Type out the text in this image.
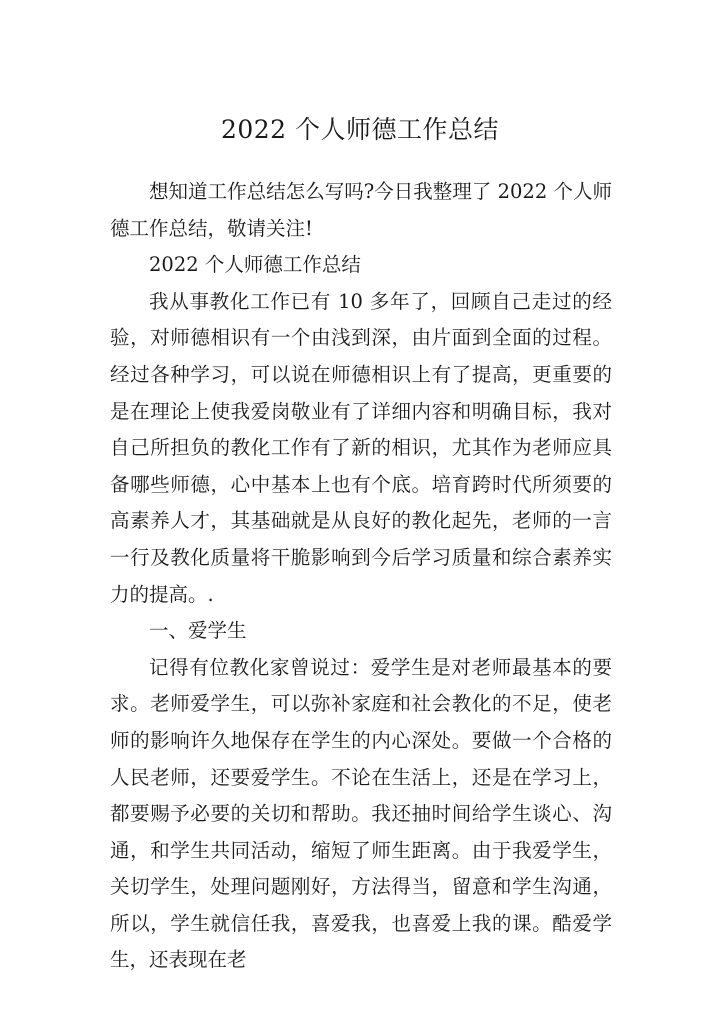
2022 个人师德工作总结

想知道工作总结怎么写吗?今日我整理了 2022 个人师德工作总结，敬请关注!

2022 个人师德工作总结

我从事教化工作已有 10 多年了，回顾自己走过的经验，对师德相识有一个由浅到深，由片面到全面的过程。经过各种学习，可以说在师德相识上有了提高，更重要的是在理论上使我爱岗敬业有了详细内容和明确目标，我对自己所担负的教化工作有了新的相识，尤其作为老师应具备哪些师德，心中基本上也有个底。培育跨时代所须要的高素养人才，其基础就是从良好的教化起先，老师的一言一行及教化质量将干脆影响到今后学习质量和综合素养实力的提高。.

一、爱学生

记得有位教化家曾说过：爱学生是对老师最基本的要求。老师爱学生，可以弥补家庭和社会教化的不足，使老师的影响许久地保存在学生的内心深处。要做一个合格的人民老师，还要爱学生。不论在生活上，还是在学习上，都要赐予必要的关切和帮助。我还抽时间给学生谈心、沟通，和学生共同活动，缩短了师生距离。由于我爱学生，关切学生，处理问题刚好，方法得当，留意和学生沟通，所以，学生就信任我，喜爱我，也喜爱上我的课。酷爱学生，还表现在老
